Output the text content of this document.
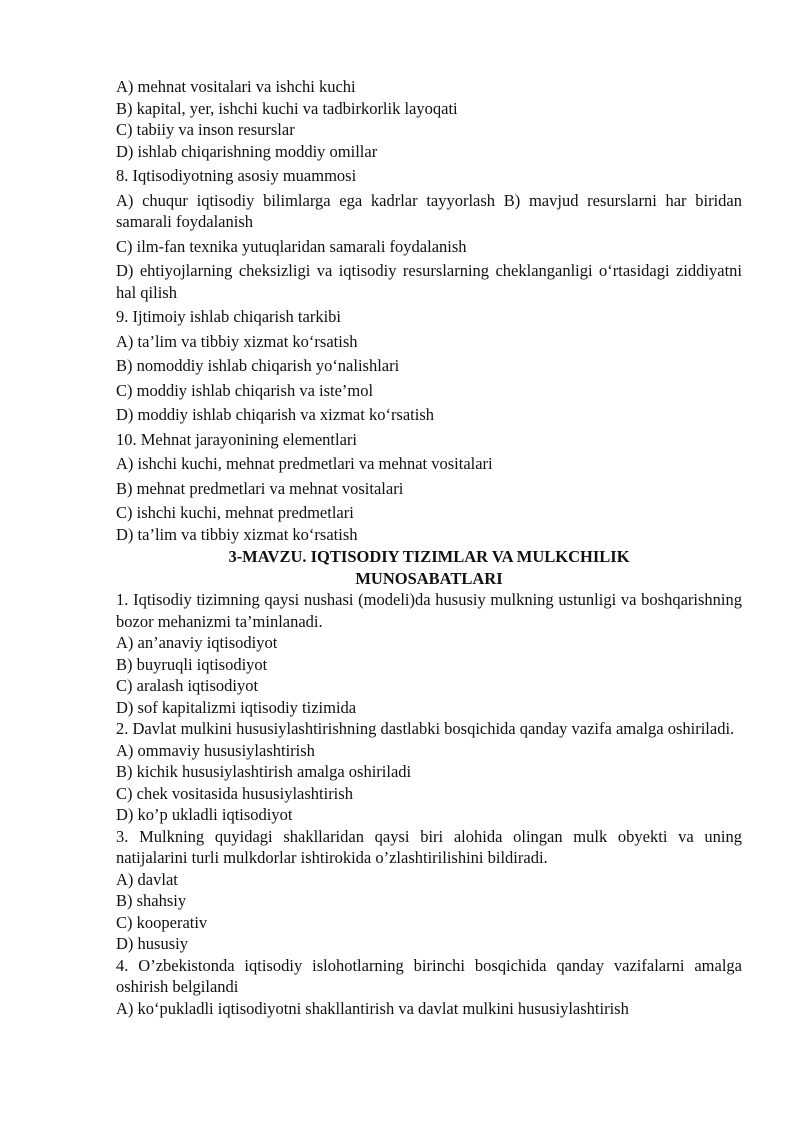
A) mehnat vositalari va ishchi kuchi
B) kapital, yer, ishchi kuchi va tadbirkorlik layoqati
C) tabiiy va inson resurslar
D) ishlab chiqarishning moddiy omillar
8. Iqtisodiyotning asosiy muammosi
A) chuqur iqtisodiy bilimlarga ega kadrlar tayyorlash B) mavjud resurslarni har biridan samarali foydalanish
C) ilm-fan texnika yutuqlaridan samarali foydalanish
D) ehtiyojlarning cheksizligi va iqtisodiy resurslarning cheklanganligi o‘rtasidagi ziddiyatni hal qilish
9. Ijtimoiy ishlab chiqarish tarkibi
A) ta’lim va tibbiy xizmat ko‘rsatish
B) nomoddiy ishlab chiqarish yo‘nalishlari
C) moddiy ishlab chiqarish va iste’mol
D) moddiy ishlab chiqarish va xizmat ko‘rsatish
10. Mehnat jarayonining elementlari
A) ishchi kuchi, mehnat predmetlari va mehnat vositalari
B) mehnat predmetlari va mehnat vositalari
C) ishchi kuchi, mehnat predmetlari
D) ta’lim va tibbiy xizmat ko‘rsatish
3-MAVZU. IQTISODIY TIZIMLAR VA MULKCHILIK
MUNOSABATLARI
1. Iqtisodiy tizimning qaysi nushasi (modeli)da hususiy mulkning ustunligi va boshqarishning bozor mehanizmi ta’minlanadi.
A) an’anaviy iqtisodiyot
B) buyruqli iqtisodiyot
C) aralash iqtisodiyot
D) sof kapitalizmi iqtisodiy tizimida
2. Davlat mulkini hususiylashtirishning dastlabki bosqichida qanday vazifa amalga oshiriladi.
A) ommaviy hususiylashtirish
B) kichik hususiylashtirish amalga oshiriladi
C) chek vositasida hususiylashtirish
D) ko’p ukladli iqtisodiyot
3. Mulkning quyidagi shakllaridan qaysi biri alohida olingan mulk obyekti va uning natijalarini turli mulkdorlar ishtirokida o’zlashtirilishini bildiradi.
A) davlat
B) shahsiy
C) kooperativ
D) hususiy
4. O’zbekistonda iqtisodiy islohotlarning birinchi bosqichida qanday vazifalarni amalga oshirish belgilandi
A) ko‘pukladli iqtisodiyotni shakllantirish va davlat mulkini hususiylashtirish
